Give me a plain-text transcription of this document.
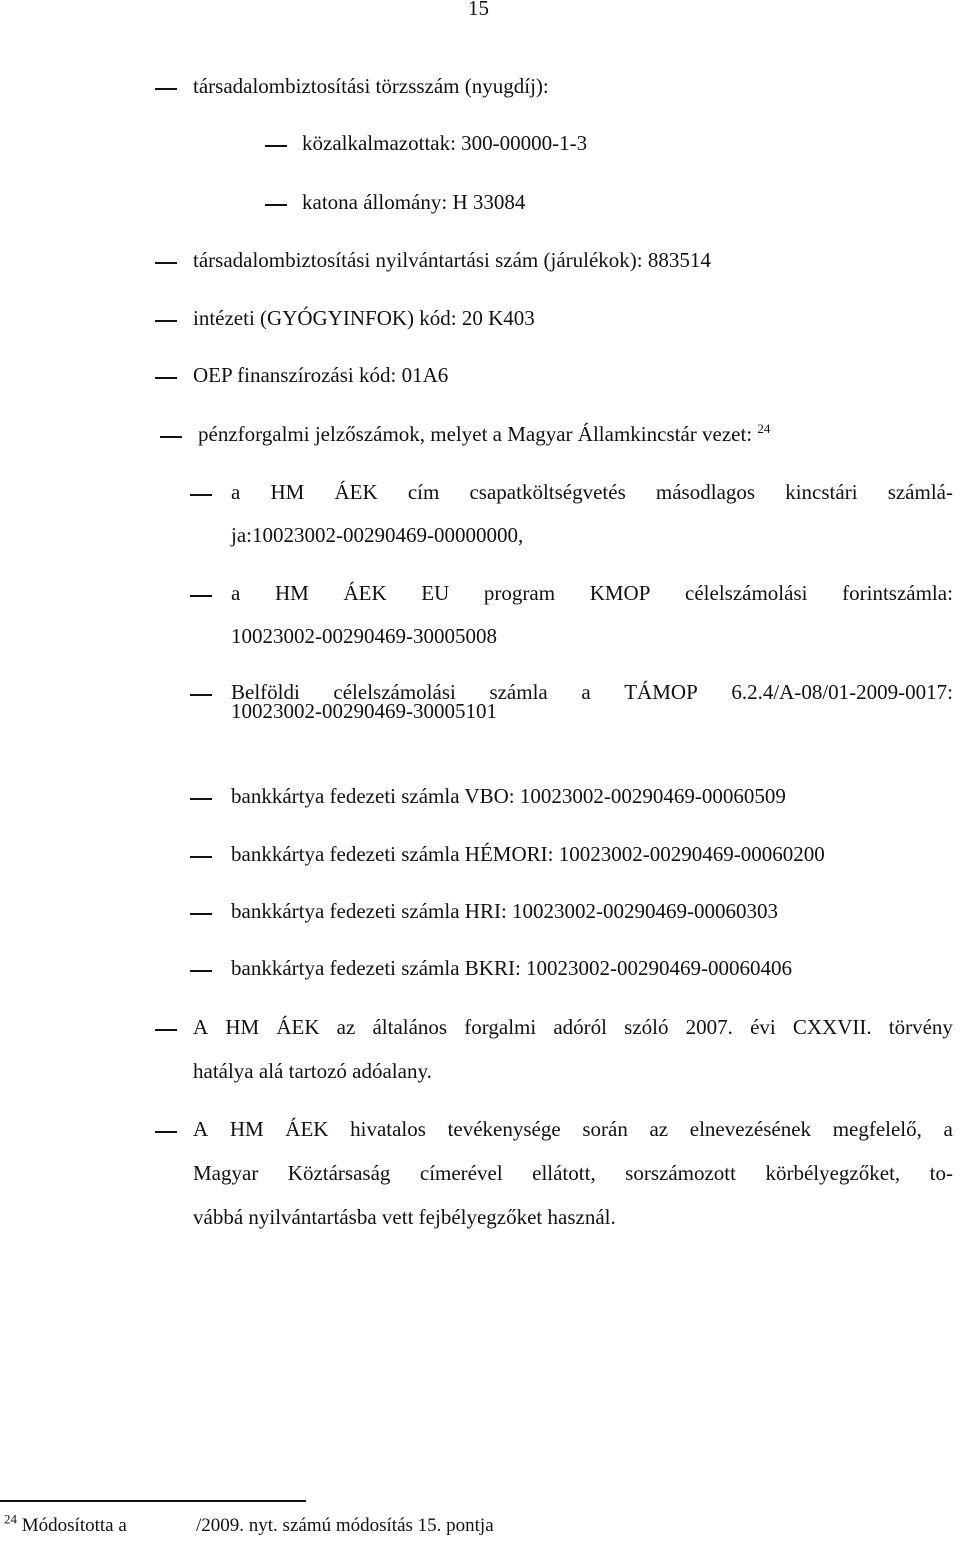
15
társadalombiztosítási törzsszám (nyugdíj):
közalkalmazottak: 300-00000-1-3
katona állomány: H 33084
társadalombiztosítási nyilvántartási szám (járulékok): 883514
intézeti (GYÓGYINFOK) kód: 20 K403
OEP finanszírozási kód: 01A6
pénzforgalmi jelzőszámok, melyet a Magyar Államkincstár vezet: $^{24}$
a HM ÁEK cím csapatköltségvetés másodlagos kincstári számlá-
ja:10023002-00290469-00000000,
a HM ÁEK EU program KMOP célelszámolási forintszámla:
10023002-00290469-30005008
Belföldi célelszámolási számla a TÁMOP 6.2.4/A-08/01-2009-0017:
10023002-00290469-30005101
bankkártya fedezeti számla VBO: 10023002-00290469-00060509
bankkártya fedezeti számla HÉMORI: 10023002-00290469-00060200
bankkártya fedezeti számla HRI: 10023002-00290469-00060303
bankkártya fedezeti számla BKRI: 10023002-00290469-00060406
A HM ÁEK az általános forgalmi adóról szóló 2007. évi CXXVII. törvény
hatálya alá tartozó adóalany.
A HM ÁEK hivatalos tevékenysége során az elnevezésének megfelelő, a
Magyar Köztársaság címerével ellátott, sorszámozott körbélyegzőket, to-
vábbá nyilvántartásba vett fejbélyegzőket használ.
$^{24}$ Módosította a	/2009. nyt. számú módosítás 15. pontja
